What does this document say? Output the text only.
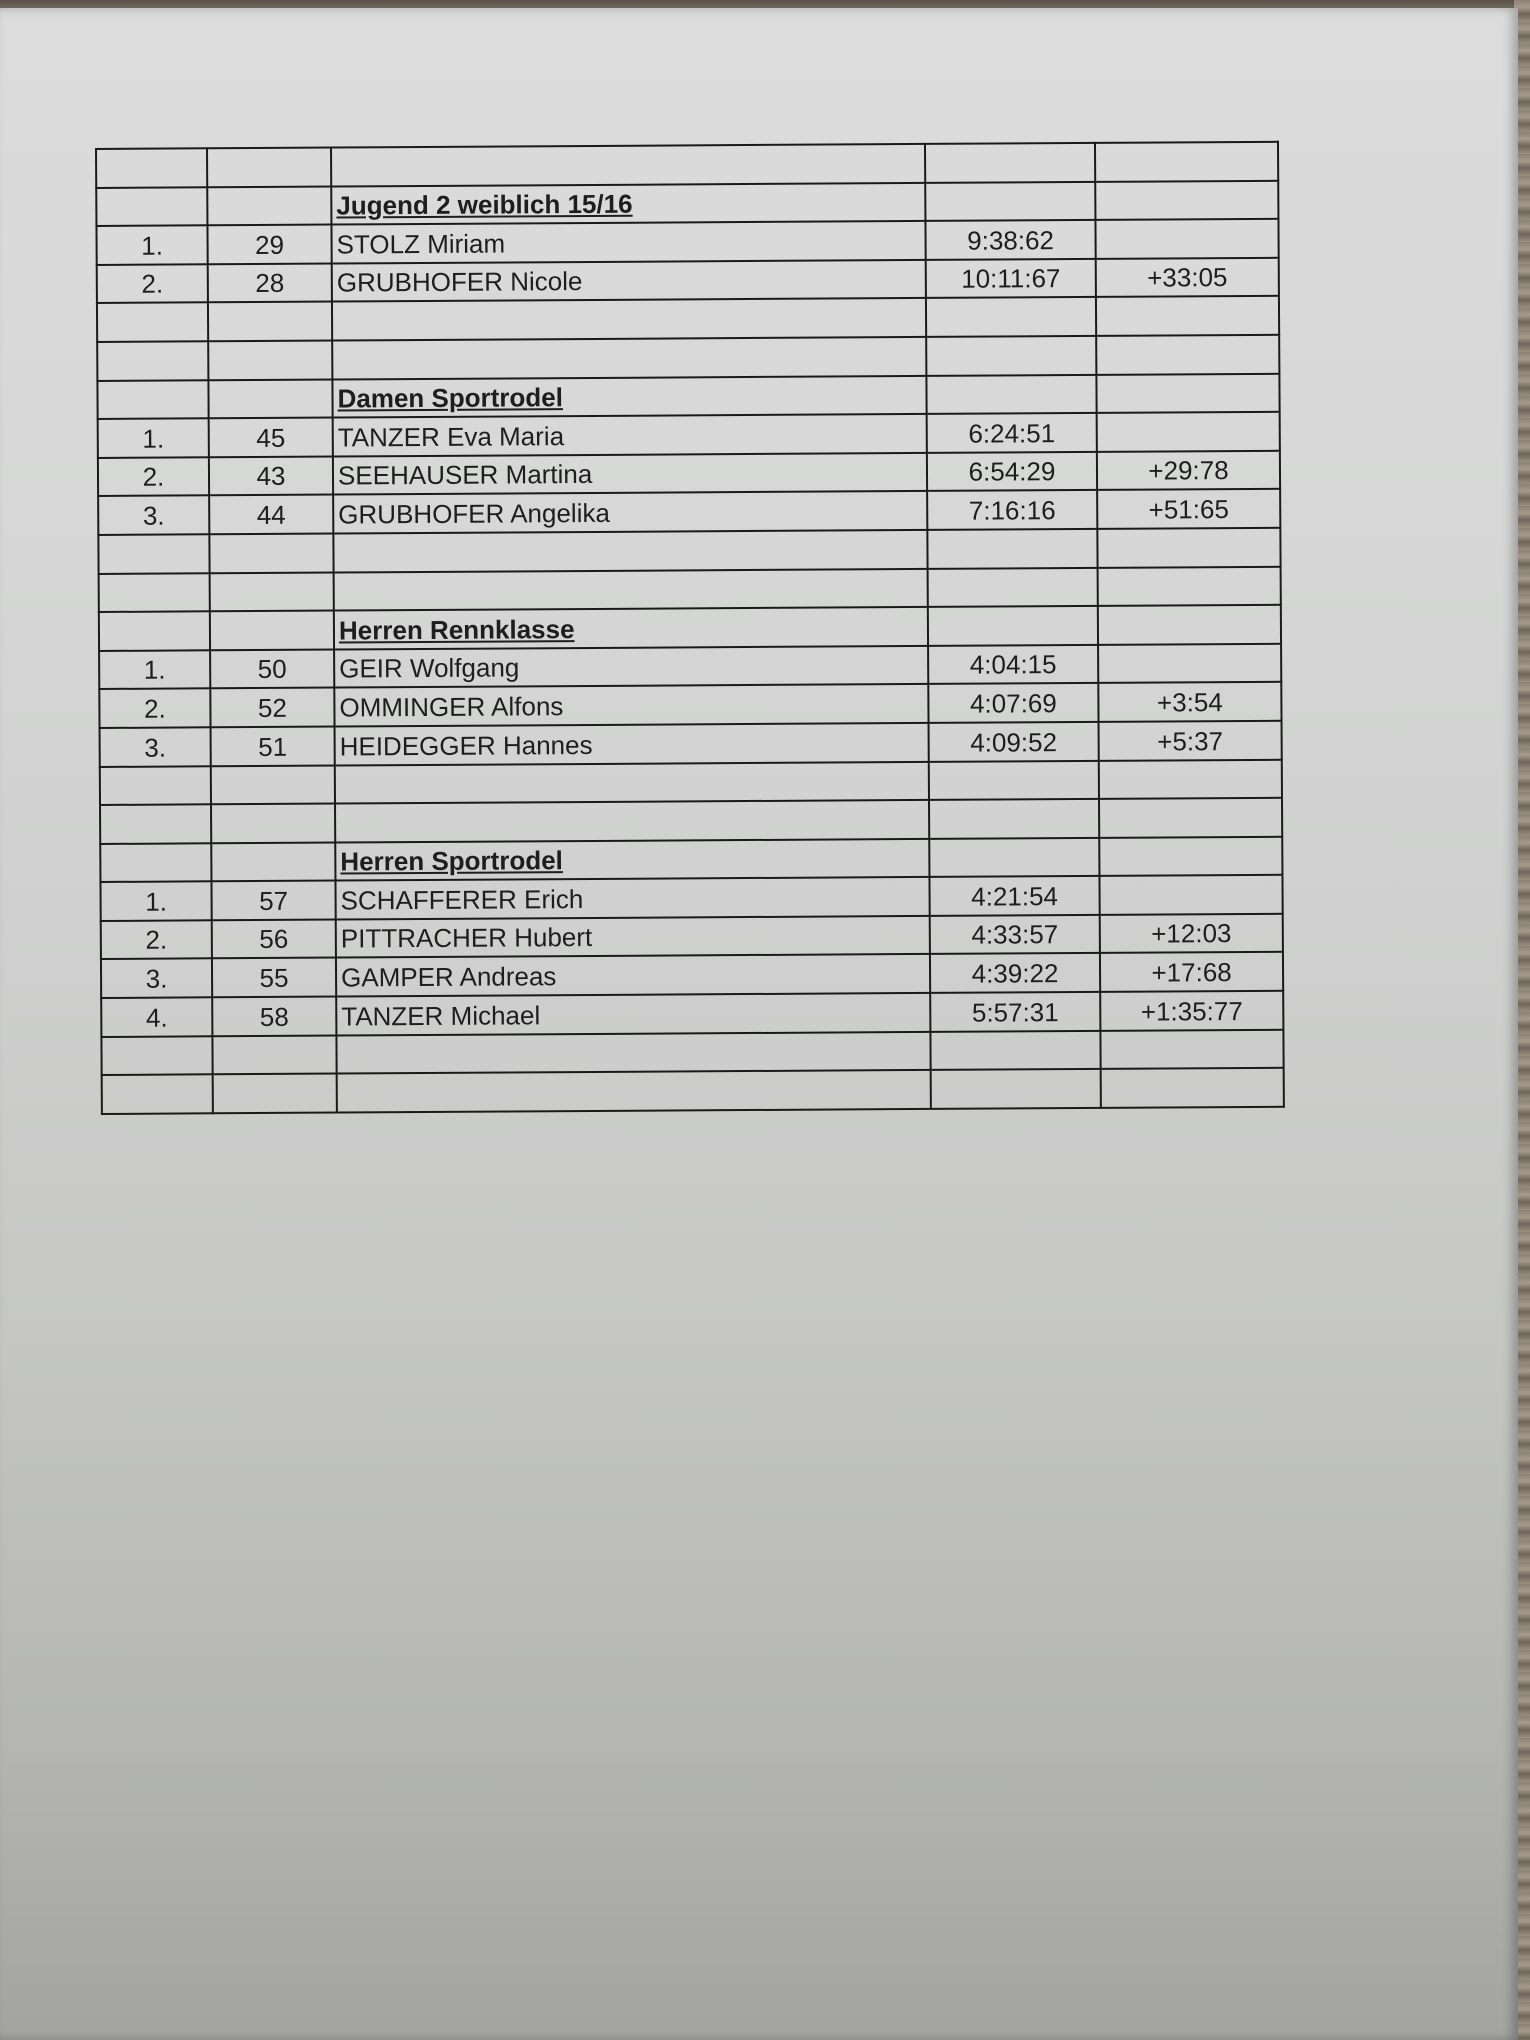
		Jugend 2 weiblich 15/16		
1.	29	STOLZ Miriam	9:38:62	
2.	28	GRUBHOFER Nicole	10:11:67	+33:05

		Damen Sportrodel		
1.	45	TANZER Eva Maria	6:24:51	
2.	43	SEEHAUSER Martina	6:54:29	+29:78
3.	44	GRUBHOFER Angelika	7:16:16	+51:65

		Herren Rennklasse		
1.	50	GEIR Wolfgang	4:04:15	
2.	52	OMMINGER Alfons	4:07:69	+3:54
3.	51	HEIDEGGER Hannes	4:09:52	+5:37

		Herren Sportrodel		
1.	57	SCHAFFERER Erich	4:21:54	
2.	56	PITTRACHER Hubert	4:33:57	+12:03
3.	55	GAMPER Andreas	4:39:22	+17:68
4.	58	TANZER Michael	5:57:31	+1:35:77
